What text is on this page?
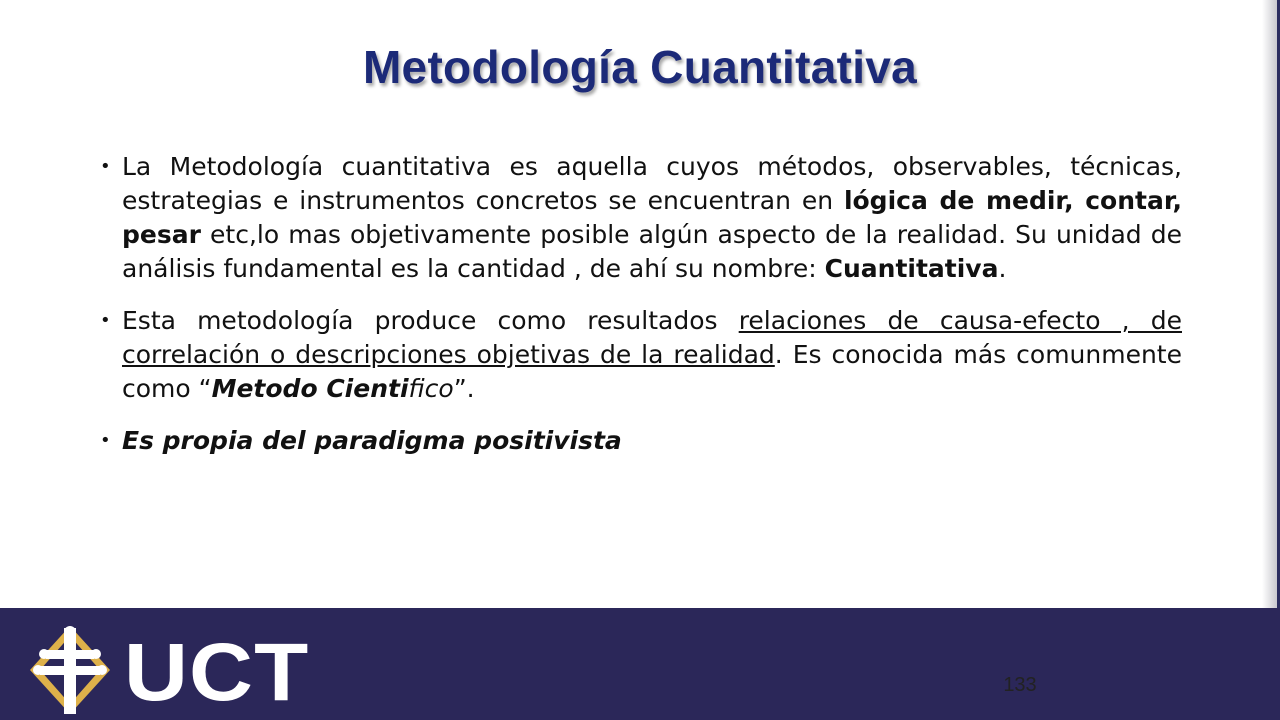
Metodología Cuantitativa
• La Metodología cuantitativa es aquella cuyos métodos, observables, técnicas, estrategias e instrumentos concretos se encuentran en lógica de medir, contar, pesar etc,lo mas objetivamente posible algún aspecto de la realidad. Su unidad de análisis fundamental es la cantidad , de ahí su nombre: Cuantitativa.
• Esta metodología produce como resultados relaciones de causa-efecto , de correlación o descripciones objetivas de la realidad. Es conocida más comunmente como “Metodo Cientifico”.
• Es propia del paradigma positivista
UCT	133
